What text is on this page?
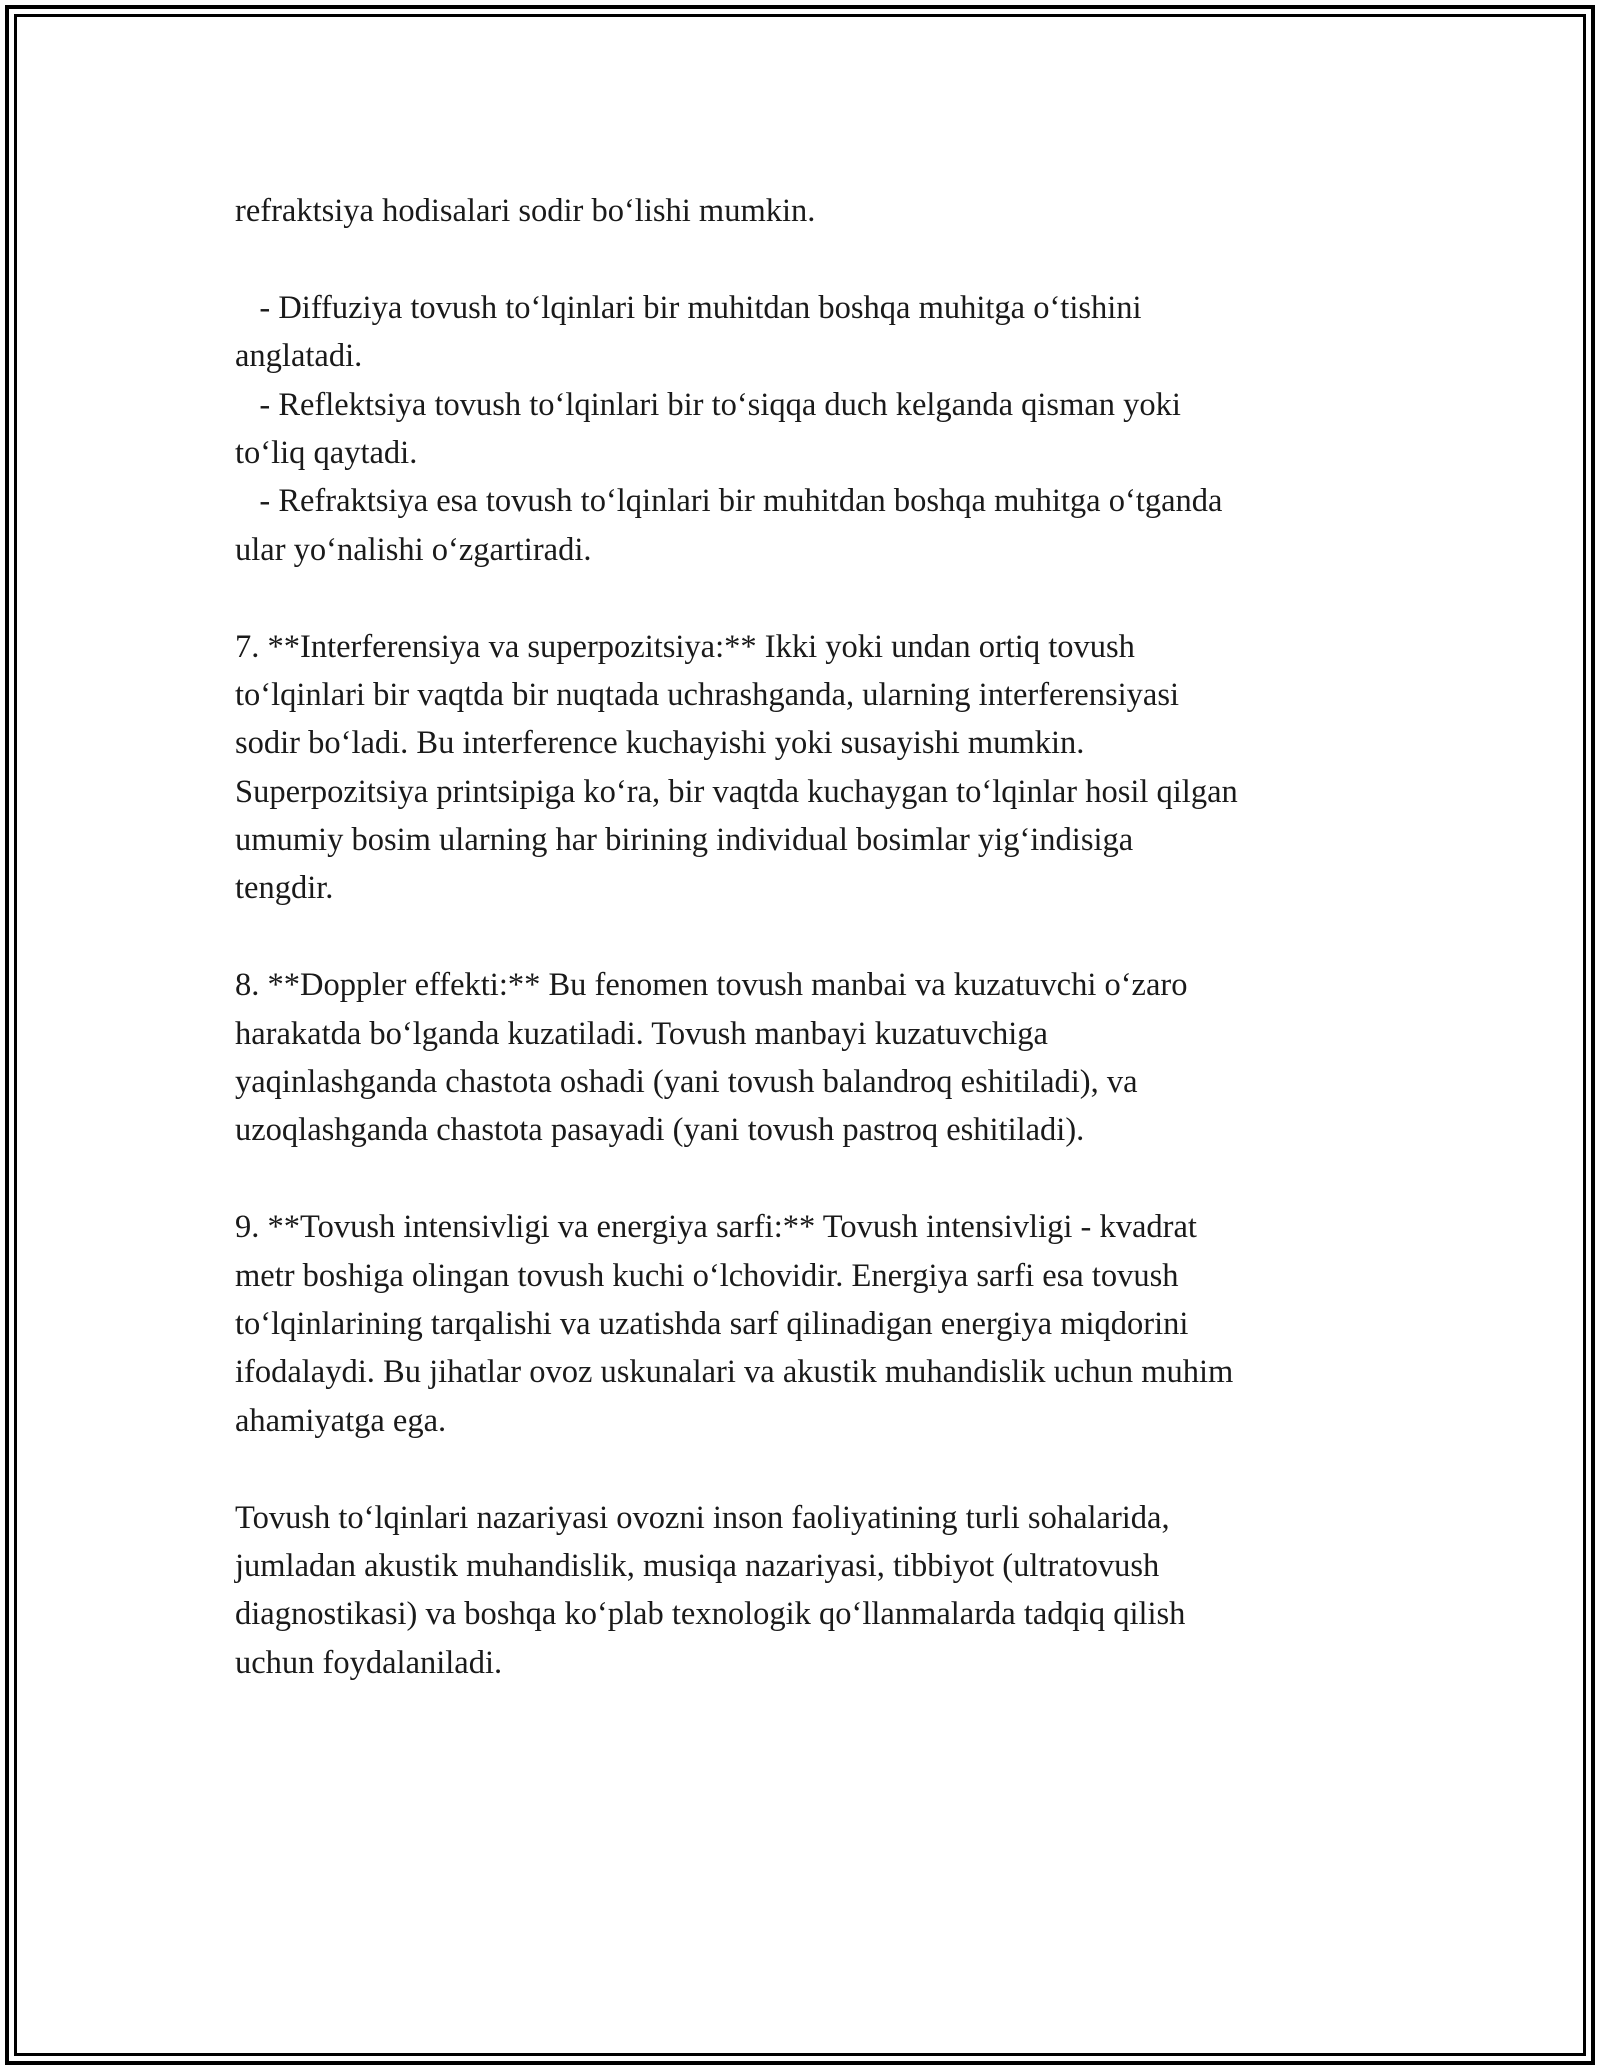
refraktsiya hodisalari sodir bo‘lishi mumkin.
- Diffuziya tovush to‘lqinlari bir muhitdan boshqa muhitga o‘tishini
anglatadi.
- Reflektsiya tovush to‘lqinlari bir to‘siqqa duch kelganda qisman yoki
to‘liq qaytadi.
- Refraktsiya esa tovush to‘lqinlari bir muhitdan boshqa muhitga o‘tganda
ular yo‘nalishi o‘zgartiradi.
7. **Interferensiya va superpozitsiya:** Ikki yoki undan ortiq tovush
to‘lqinlari bir vaqtda bir nuqtada uchrashganda, ularning interferensiyasi
sodir bo‘ladi. Bu interference kuchayishi yoki susayishi mumkin.
Superpozitsiya printsipiga ko‘ra, bir vaqtda kuchaygan to‘lqinlar hosil qilgan
umumiy bosim ularning har birining individual bosimlar yig‘indisiga
tengdir.
8. **Doppler effekti:** Bu fenomen tovush manbai va kuzatuvchi o‘zaro
harakatda bo‘lganda kuzatiladi. Tovush manbayi kuzatuvchiga
yaqinlashganda chastota oshadi (yani tovush balandroq eshitiladi), va
uzoqlashganda chastota pasayadi (yani tovush pastroq eshitiladi).
9. **Tovush intensivligi va energiya sarfi:** Tovush intensivligi - kvadrat
metr boshiga olingan tovush kuchi o‘lchovidir. Energiya sarfi esa tovush
to‘lqinlarining tarqalishi va uzatishda sarf qilinadigan energiya miqdorini
ifodalaydi. Bu jihatlar ovoz uskunalari va akustik muhandislik uchun muhim
ahamiyatga ega.
Tovush to‘lqinlari nazariyasi ovozni inson faoliyatining turli sohalarida,
jumladan akustik muhandislik, musiqa nazariyasi, tibbiyot (ultratovush
diagnostikasi) va boshqa ko‘plab texnologik qo‘llanmalarda tadqiq qilish
uchun foydalaniladi.
